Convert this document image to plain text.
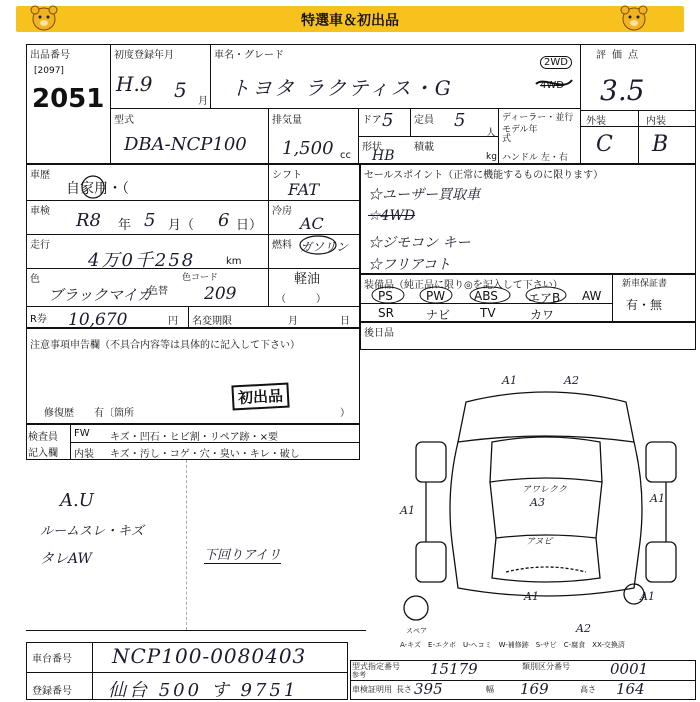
特選車＆初出品
出品番号
[2097]
2051
初度登録年月
H.9 5 月
車名・グレード
トヨタ ラクティス・G
2WD
4WD
評価点
3.5
外装	内装
C B
型式
DBA-NCP100
排気量
1,500 cc
ドア 5 定員 5
人
形状
HB
積載
kg
ディーラー・並行
モデル年式
ハンドル 左・右
車歴
自家用・（
シフト
FAT
車検 R8 年 5 月（ 6 日）
冷房
AC
走行
4万0千258	km
燃料 ガソリン
軽油
（　　　）
色
ブラックマイカ
色替
色コード
209
R券 10,670	円 名変期限	月	日
注意事項申告欄（不具合内容等は具体的に記入して下さい）
初出品
修復歴　　有〔箇所	）
セールスポイント（正常に機能するものに限ります）
☆ユーザー買取車
☆4WD
☆ジモコン キー
☆フリアコト
装備品（純正品に限り◎を記入して下さい）	新車保証書
有・無
PS	PW ABS	エアB AW
SR	ナビ TV	カワ
後日品
検査員
記入欄
FW キズ・凹石・ヒビ割・リペア跡・×要
内装 キズ・汚し・コゲ・穴・臭い・キレ・破し
A.U
ルームスレ・キズ
タレAW	下回りアイリ
A1	A2
A1
A1
アワレクク
A3
アヌピ
A1	A1
A2
スペア
A-キズ　E-エクボ　U-ヘコミ　W-補修跡　S-サビ　C-腐食　XX-交換済
車台番号 NCP100-0080403
登録番号 仙台 500 す 9751
型式指定番号
参考	15179	類別区分番号	0001
車検証明用 長さ 395	幅 169	高さ 164
